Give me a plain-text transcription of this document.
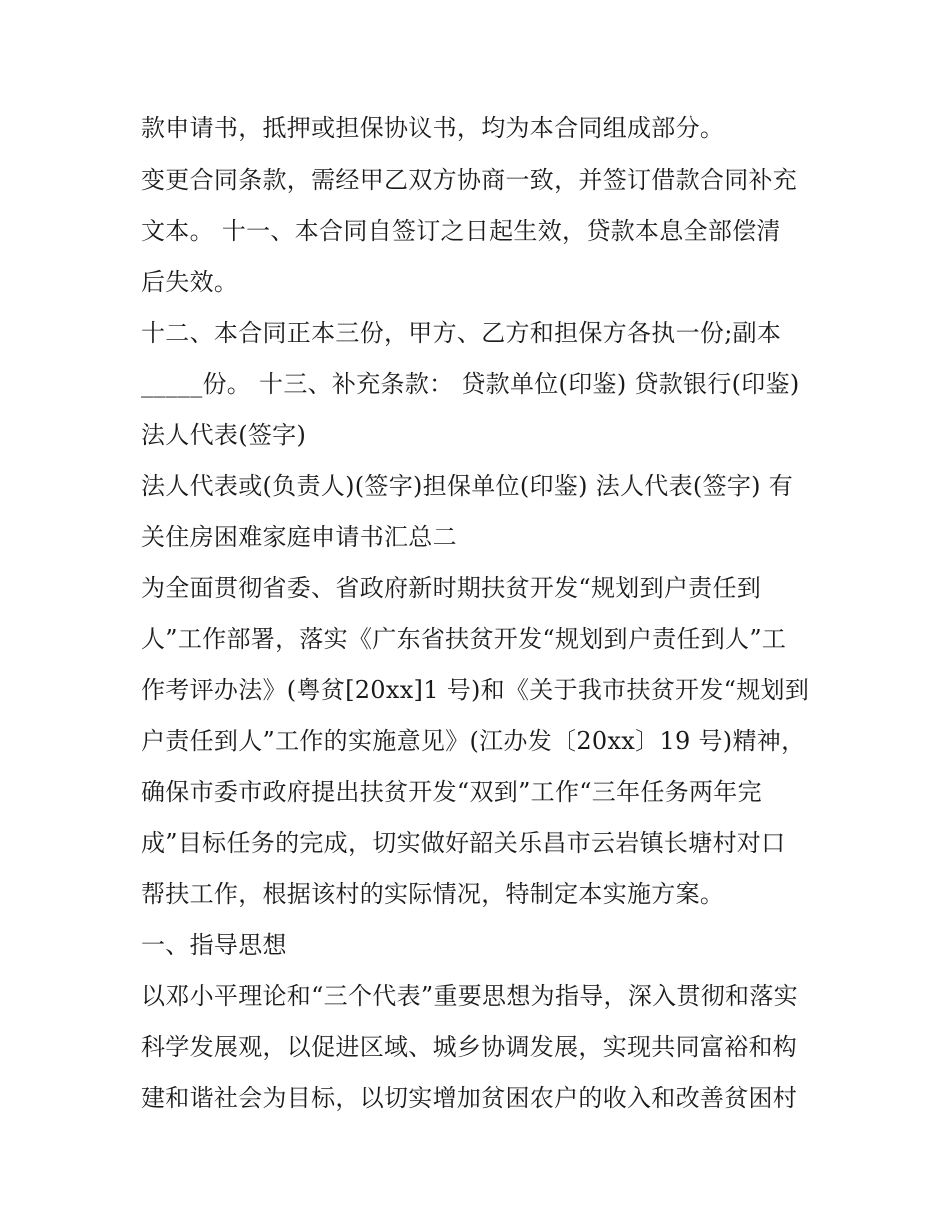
款申请书，抵押或担保协议书，均为本合同组成部分。
变更合同条款，需经甲乙双方协商一致，并签订借款合同补充
文本。 十一、本合同自签订之日起生效，贷款本息全部偿清
后失效。
十二、本合同正本三份，甲方、乙方和担保方各执一份;副本
_____份。 十三、补充条款： 贷款单位(印鉴) 贷款银行(印鉴)
法人代表(签字)
法人代表或(负责人)(签字)担保单位(印鉴) 法人代表(签字) 有
关住房困难家庭申请书汇总二
为全面贯彻省委、省政府新时期扶贫开发“规划到户责任到
人”工作部署，落实《广东省扶贫开发“规划到户责任到人”工
作考评办法》(粤贫[20xx]1 号)和《关于我市扶贫开发“规划到
户责任到人”工作的实施意见》(江办发〔20xx〕19 号)精神，
确保市委市政府提出扶贫开发“双到”工作“三年任务两年完
成”目标任务的完成，切实做好韶关乐昌市云岩镇长塘村对口
帮扶工作，根据该村的实际情况，特制定本实施方案。
一、指导思想
以邓小平理论和“三个代表”重要思想为指导，深入贯彻和落实
科学发展观，以促进区域、城乡协调发展，实现共同富裕和构
建和谐社会为目标，以切实增加贫困农户的收入和改善贫困村
